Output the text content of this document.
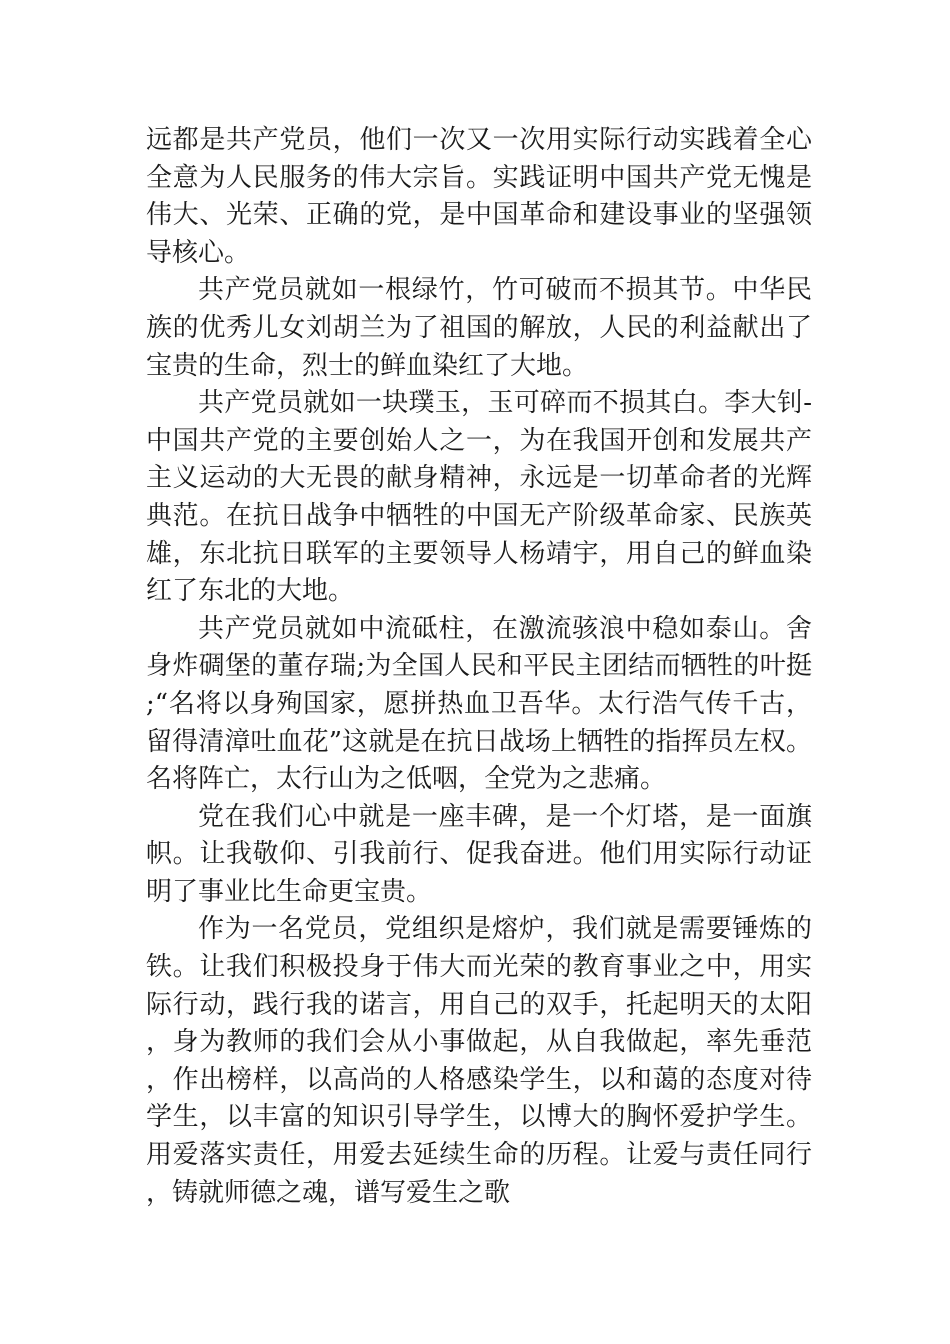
远都是共产党员，他们一次又一次用实际行动实践着全心全意为人民服务的伟大宗旨。实践证明中国共产党无愧是伟大、光荣、正确的党，是中国革命和建设事业的坚强领导核心。

共产党员就如一根绿竹，竹可破而不损其节。中华民族的优秀儿女刘胡兰为了祖国的解放，人民的利益献出了宝贵的生命，烈士的鲜血染红了大地。

共产党员就如一块璞玉，玉可碎而不损其白。李大钊-中国共产党的主要创始人之一，为在我国开创和发展共产主义运动的大无畏的献身精神，永远是一切革命者的光辉典范。在抗日战争中牺牲的中国无产阶级革命家、民族英雄，东北抗日联军的主要领导人杨靖宇，用自己的鲜血染红了东北的大地。

共产党员就如中流砥柱，在激流骇浪中稳如泰山。舍身炸碉堡的董存瑞;为全国人民和平民主团结而牺牲的叶挺;“名将以身殉国家，愿拼热血卫吾华。太行浩气传千古，留得清漳吐血花”这就是在抗日战场上牺牲的指挥员左权。名将阵亡，太行山为之低咽，全党为之悲痛。

党在我们心中就是一座丰碑，是一个灯塔，是一面旗帜。让我敬仰、引我前行、促我奋进。他们用实际行动证明了事业比生命更宝贵。

作为一名党员，党组织是熔炉，我们就是需要锤炼的铁。让我们积极投身于伟大而光荣的教育事业之中，用实际行动，践行我的诺言，用自己的双手，托起明天的太阳，身为教师的我们会从小事做起，从自我做起，率先垂范，作出榜样，以高尚的人格感染学生，以和蔼的态度对待学生，以丰富的知识引导学生，以博大的胸怀爱护学生。用爱落实责任，用爱去延续生命的历程。让爱与责任同行，铸就师德之魂，谱写爱生之歌
